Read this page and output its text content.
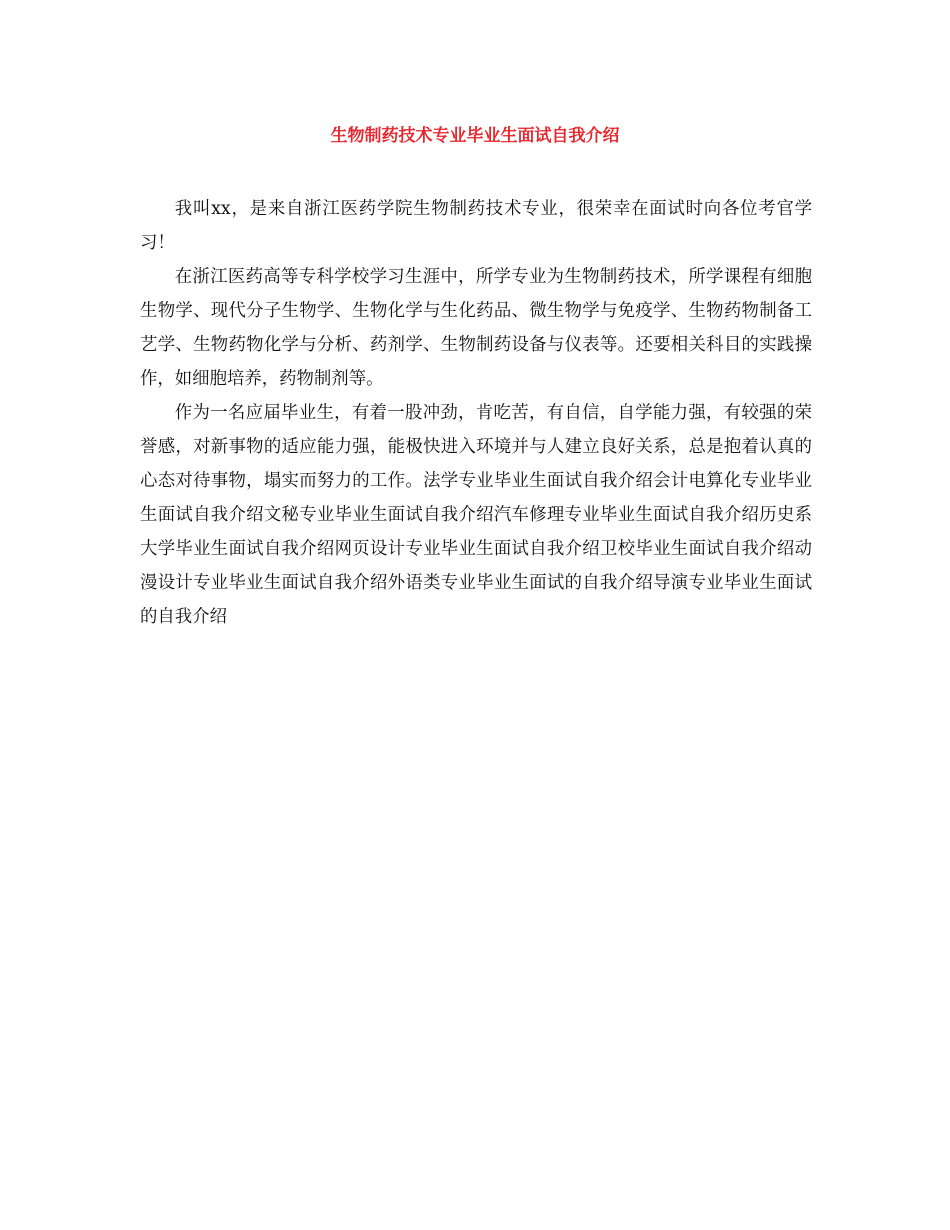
生物制药技术专业毕业生面试自我介绍

我叫xx，是来自浙江医药学院生物制药技术专业，很荣幸在面试时向各位考官学习！

在浙江医药高等专科学校学习生涯中，所学专业为生物制药技术，所学课程有细胞生物学、现代分子生物学、生物化学与生化药品、微生物学与免疫学、生物药物制备工艺学、生物药物化学与分析、药剂学、生物制药设备与仪表等。还要相关科目的实践操作，如细胞培养，药物制剂等。

作为一名应届毕业生，有着一股冲劲，肯吃苦，有自信，自学能力强，有较强的荣誉感，对新事物的适应能力强，能极快进入环境并与人建立良好关系，总是抱着认真的心态对待事物，塌实而努力的工作。法学专业毕业生面试自我介绍会计电算化专业毕业生面试自我介绍文秘专业毕业生面试自我介绍汽车修理专业毕业生面试自我介绍历史系大学毕业生面试自我介绍网页设计专业毕业生面试自我介绍卫校毕业生面试自我介绍动漫设计专业毕业生面试自我介绍外语类专业毕业生面试的自我介绍导演专业毕业生面试的自我介绍
